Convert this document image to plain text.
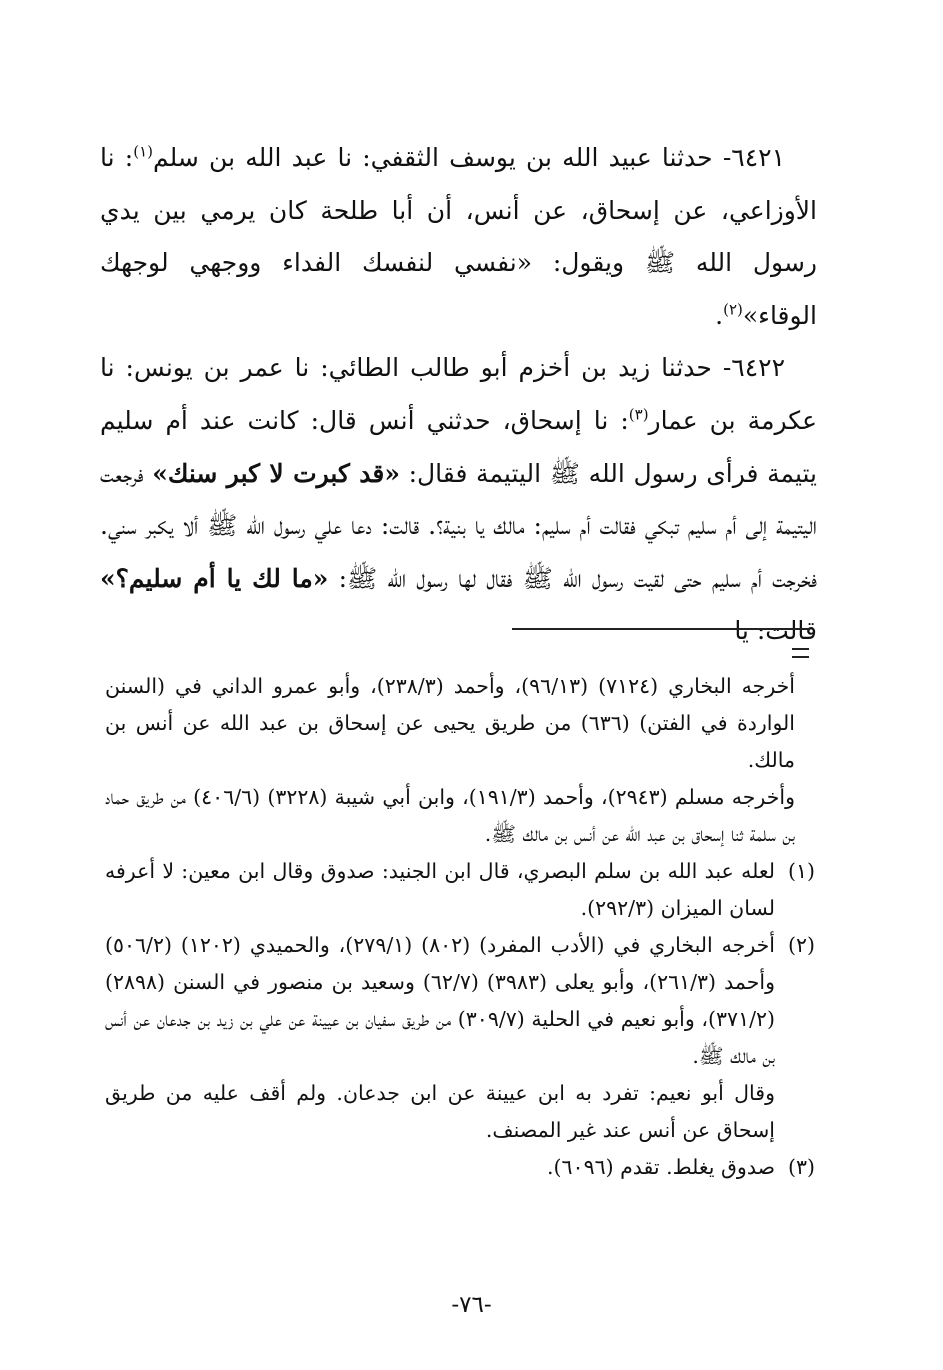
٦٤٢١- حدثنا عبيد الله بن يوسف الثقفي: نا عبد الله بن سلم$^{(١)}$: نا الأوزاعي، عن إسحاق، عن أنس، أن أبا طلحة كان يرمي بين يدي رسول الله ﷺ ويقول: «نفسي لنفسك الفداء ووجهي لوجهك الوقاء»$^{(٢)}$.

٦٤٢٢- حدثنا زيد بن أخزم أبو طالب الطائي: نا عمر بن يونس: نا عكرمة بن عمار$^{(٣)}$: نا إسحاق، حدثني أنس قال: كانت عند أم سليم يتيمة فرأى رسول الله ﷺ اليتيمة فقال: «قد كبرت لا كبر سنك» فرجعت اليتيمة إلى أم سليم تبكي فقالت أم سليم: مالك يا بنية؟. قالت: دعا علي رسول الله ﷺ ألا يكبر سني. فخرجت أم سليم حتى لقيت رسول الله ﷺ فقال لها رسول الله ﷺ: «ما لك يا أم سليم؟» قالت: يا

أخرجه البخاري (٧١٢٤) (٩٦/١٣)، وأحمد (٢٣٨/٣)، وأبو عمرو الداني في (السنن الواردة في الفتن) (٦٣٦) من طريق يحيى عن إسحاق بن عبد الله عن أنس بن مالك.

وأخرجه مسلم (٢٩٤٣)، وأحمد (١٩١/٣)، وابن أبي شيبة (٣٢٢٨) (٤٠٦/٦) من طريق حماد بن سلمة ثنا إسحاق بن عبد الله عن أنس بن مالك ﷺ.

(١)لعله عبد الله بن سلم البصري، قال ابن الجنيد: صدوق وقال ابن معين: لا أعرفه لسان الميزان (٢٩٢/٣).

(٢)أخرجه البخاري في (الأدب المفرد) (٨٠٢) (٢٧٩/١)، والحميدي (١٢٠٢) (٥٠٦/٢) وأحمد (٢٦١/٣)، وأبو يعلى (٣٩٨٣) (٦٢/٧) وسعيد بن منصور في السنن (٢٨٩٨) (٣٧١/٢)، وأبو نعيم في الحلية (٣٠٩/٧) من طريق سفيان بن عيينة عن علي بن زيد بن جدعان عن أنس بن مالك ﷺ.

وقال أبو نعيم: تفرد به ابن عيينة عن ابن جدعان. ولم أقف عليه من طريق إسحاق عن أنس عند غير المصنف.

(٣)صدوق يغلط. تقدم (٦٠٩٦).

-٧٦-
